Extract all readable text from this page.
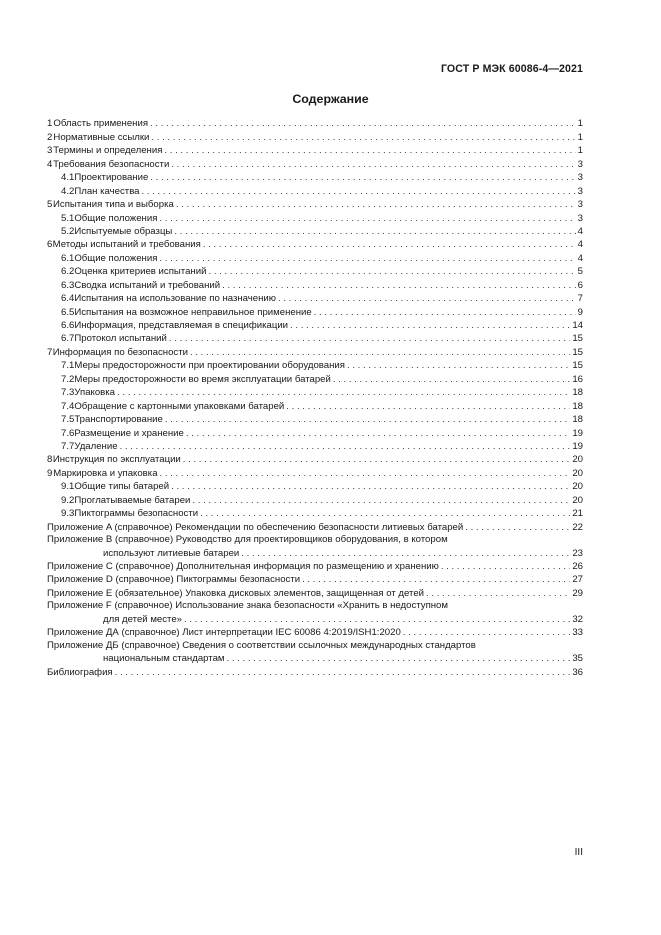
ГОСТ Р МЭК 60086-4—2021
Содержание
1 Область применения . . .	1
2 Нормативные ссылки . . .	1
3 Термины и определения . . .	1
4 Требования безопасности . . .	3
4.1 Проектирование . . .	3
4.2 План качества . . .	3
5 Испытания типа и выборка . . .	3
5.1 Общие положения . . .	3
5.2 Испытуемые образцы . . .	4
6 Методы испытаний и требования . . .	4
6.1 Общие положения . . .	4
6.2 Оценка критериев испытаний . . .	5
6.3 Сводка испытаний и требований . . .	6
6.4 Испытания на использование по назначению . . .	7
6.5 Испытания на возможное неправильное применение . . .	9
6.6 Информация, представляемая в спецификации . . .	14
6.7 Протокол испытаний . . .	15
7 Информация по безопасности . . .	15
7.1 Меры предосторожности при проектировании оборудования . . .	15
7.2 Меры предосторожности во время эксплуатации батарей . . .	16
7.3 Упаковка . . .	18
7.4 Обращение с картонными упаковками батарей . . .	18
7.5 Транспортирование . . .	18
7.6 Размещение и хранение . . .	19
7.7 Удаление . . .	19
8 Инструкция по эксплуатации . . .	20
9 Маркировка и упаковка . . .	20
9.1 Общие типы батарей . . .	20
9.2 Проглатываемые батареи . . .	20
9.3 Пиктограммы безопасности . . .	21
Приложение A (справочное) Рекомендации по обеспечению безопасности литиевых батарей . . .	22
Приложение B (справочное) Руководство для проектировщиков оборудования, в котором
используют литиевые батареи . . .	23
Приложение C (справочное) Дополнительная информация по размещению и хранению . . .	26
Приложение D (справочное) Пиктограммы безопасности . . .	27
Приложение E (обязательное) Упаковка дисковых элементов, защищенная от детей . . .	29
Приложение F (справочное) Использование знака безопасности «Хранить в недоступном
для детей месте» . . .	32
Приложение ДА (справочное) Лист интерпретации IEC 60086 4:2019/ISH1:2020 . . .	33
Приложение ДБ (справочное) Сведения о соответствии ссылочных международных стандартов
национальным стандартам . . .	35
Библиография . . .	36
III
